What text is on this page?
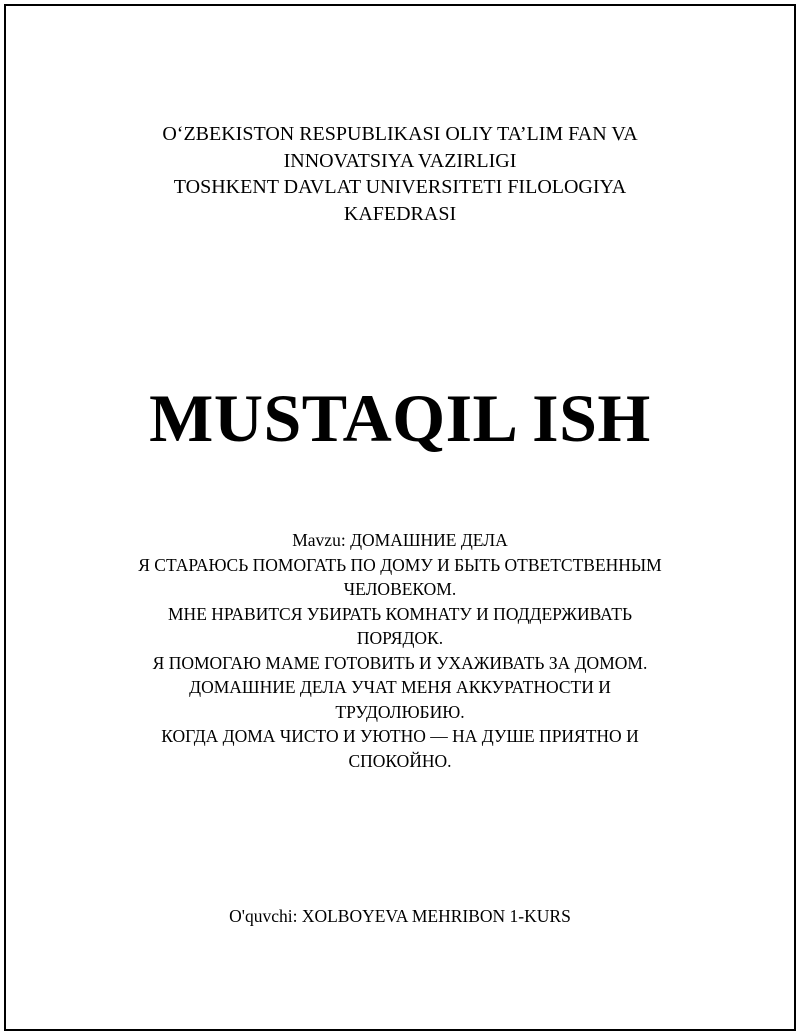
O‘ZBEKISTON RESPUBLIKASI OLIY TA’LIM FAN VA
INNOVATSIYA VAZIRLIGI
TOSHKENT DAVLAT UNIVERSITETI FILOLOGIYA
KAFEDRASI
MUSTAQIL ISH
Mavzu: ДОМАШНИЕ ДЕЛА
Я СТАРАЮСЬ ПОМОГАТЬ ПО ДОМУ И БЫТЬ ОТВЕТСТВЕННЫМ
ЧЕЛОВЕКОМ.
МНЕ НРАВИТСЯ УБИРАТЬ КОМНАТУ И ПОДДЕРЖИВАТЬ
ПОРЯДОК.
Я ПОМОГАЮ МАМЕ ГОТОВИТЬ И УХАЖИВАТЬ ЗА ДОМОМ.
ДОМАШНИЕ ДЕЛА УЧАТ МЕНЯ АККУРАТНОСТИ И
ТРУДОЛЮБИЮ.
КОГДА ДОМА ЧИСТО И УЮТНО — НА ДУШЕ ПРИЯТНО И
СПОКОЙНО.
O'quvchi: XOLBOYEVA MEHRIBON 1-KURS
